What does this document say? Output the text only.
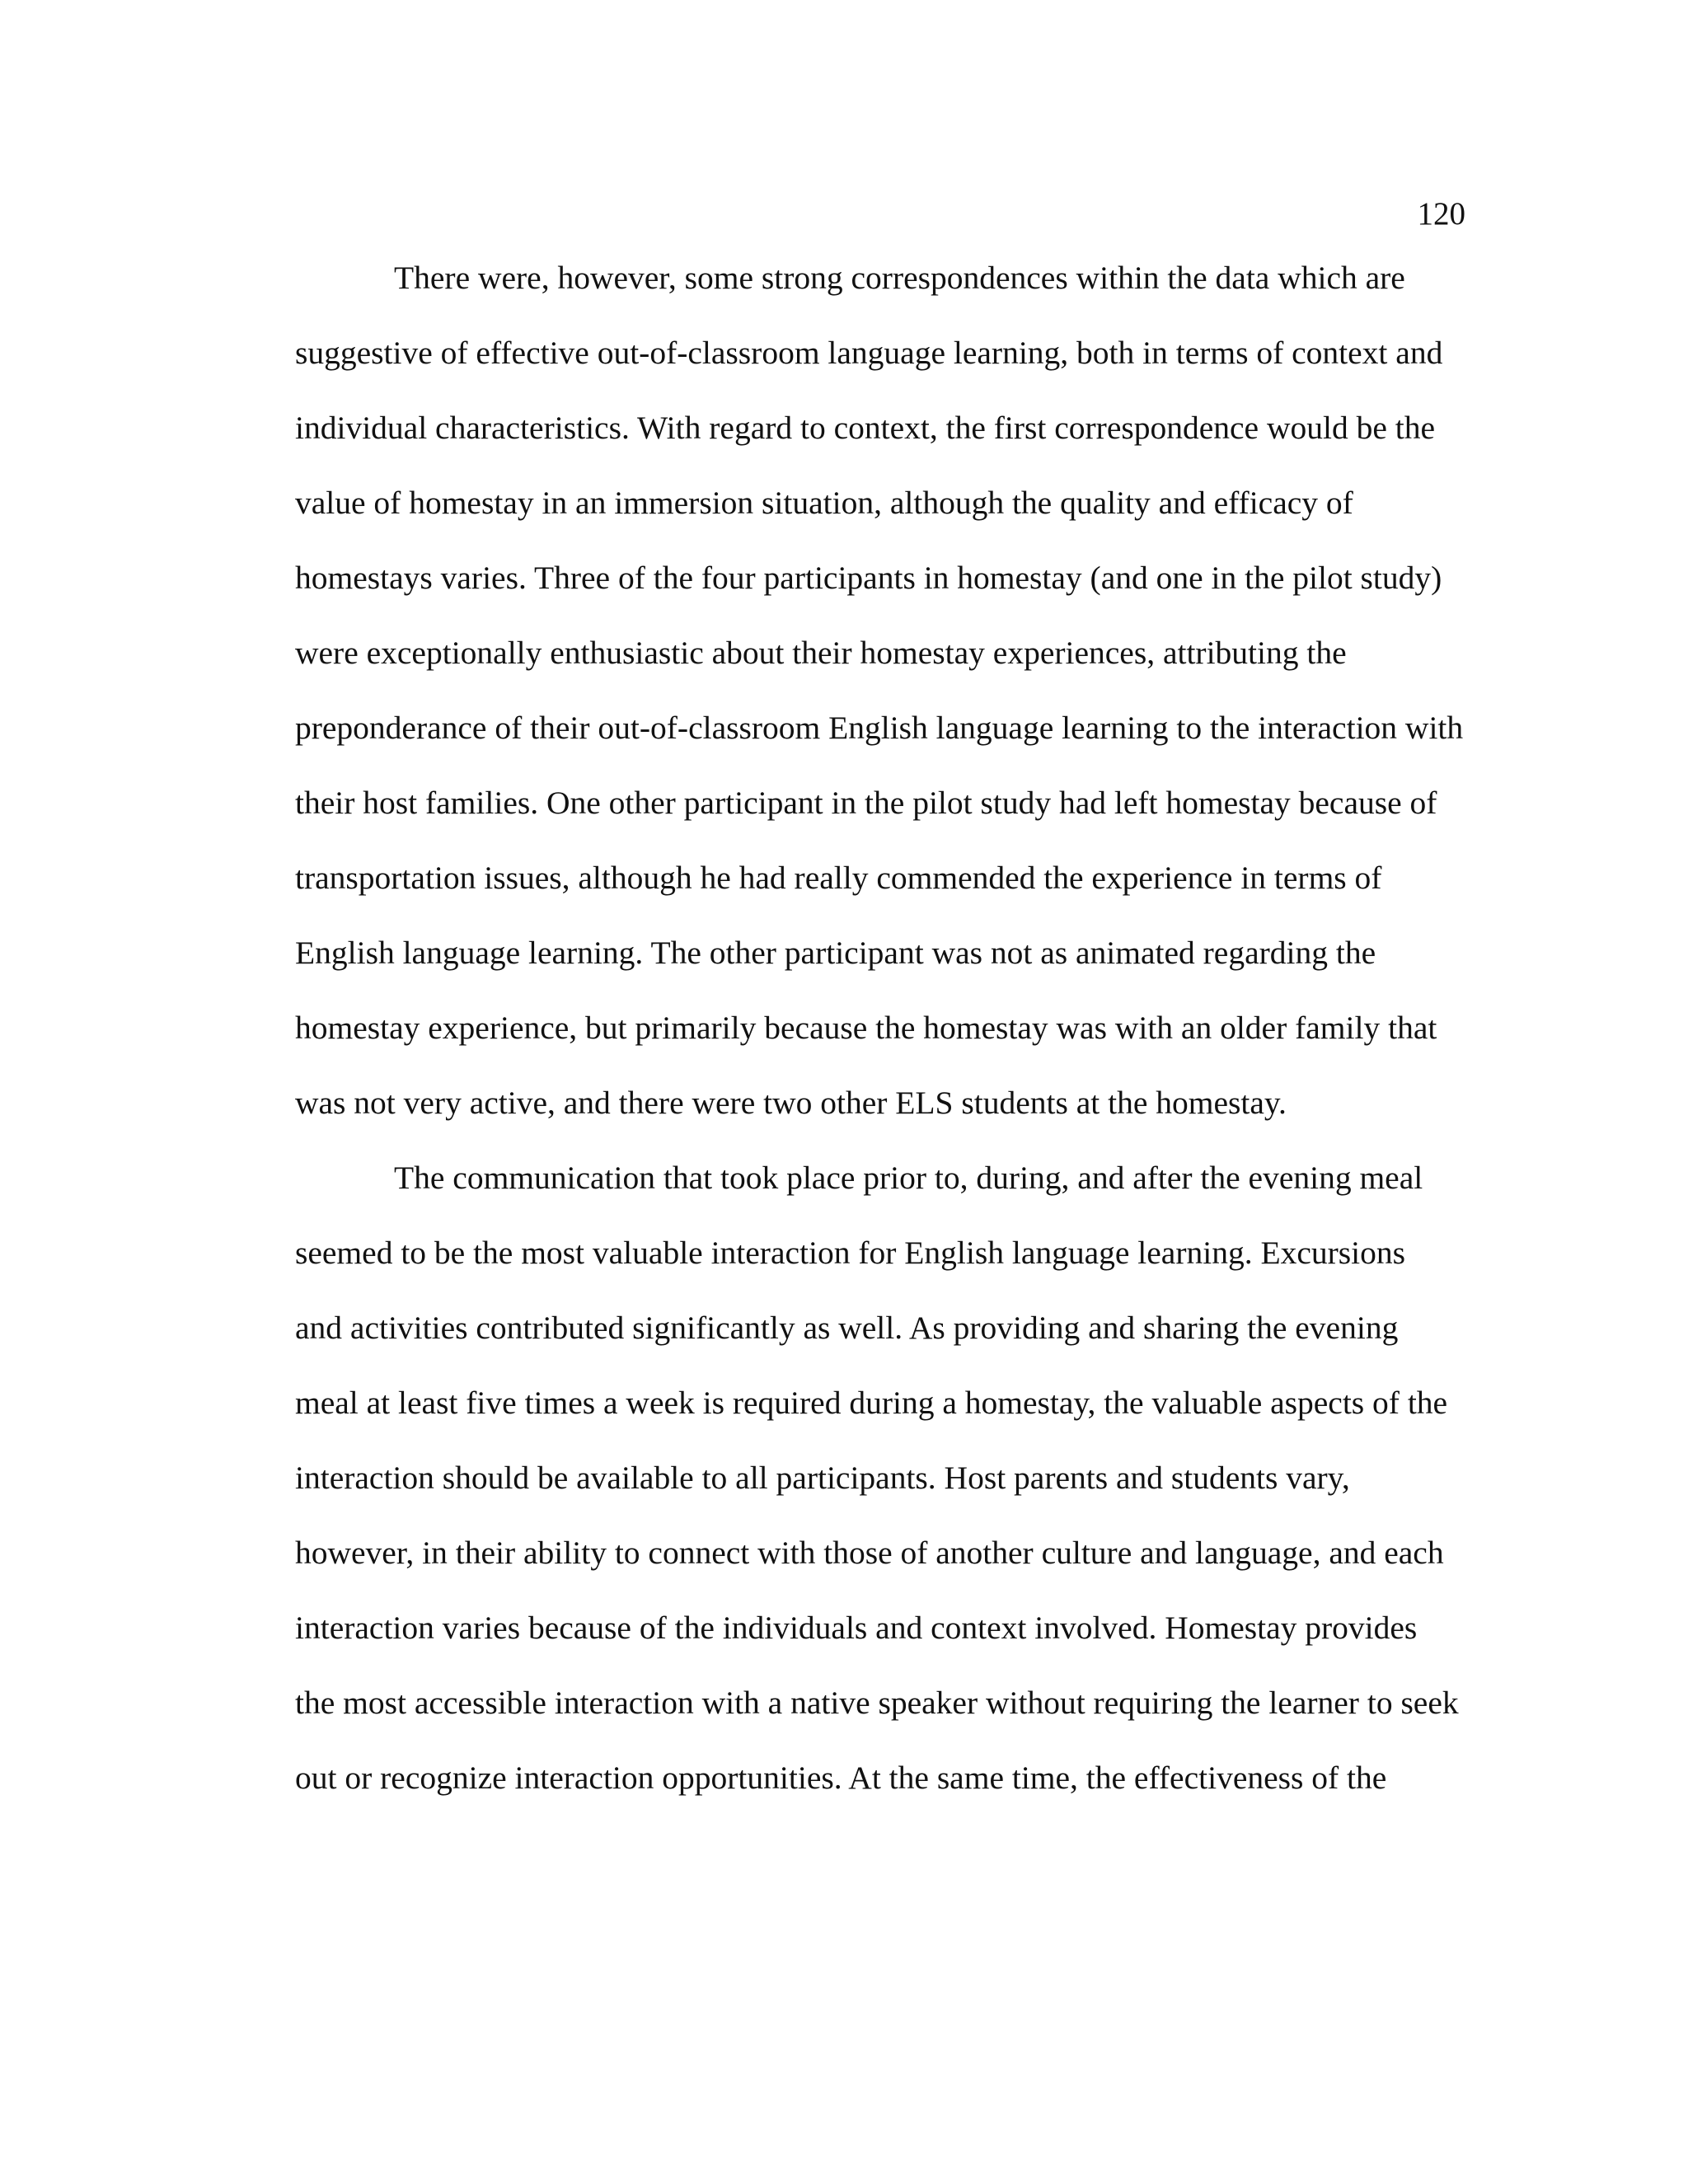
120
There were, however, some strong correspondences within the data which are
suggestive of effective out-of-classroom language learning, both in terms of context and
individual characteristics. With regard to context, the first correspondence would be the
value of homestay in an immersion situation, although the quality and efficacy of
homestays varies. Three of the four participants in homestay (and one in the pilot study)
were exceptionally enthusiastic about their homestay experiences, attributing the
preponderance of their out-of-classroom English language learning to the interaction with
their host families. One other participant in the pilot study had left homestay because of
transportation issues, although he had really commended the experience in terms of
English language learning. The other participant was not as animated regarding the
homestay experience, but primarily because the homestay was with an older family that
was not very active, and there were two other ELS students at the homestay.
The communication that took place prior to, during, and after the evening meal
seemed to be the most valuable interaction for English language learning. Excursions
and activities contributed significantly as well. As providing and sharing the evening
meal at least five times a week is required during a homestay, the valuable aspects of the
interaction should be available to all participants. Host parents and students vary,
however, in their ability to connect with those of another culture and language, and each
interaction varies because of the individuals and context involved. Homestay provides
the most accessible interaction with a native speaker without requiring the learner to seek
out or recognize interaction opportunities. At the same time, the effectiveness of the
